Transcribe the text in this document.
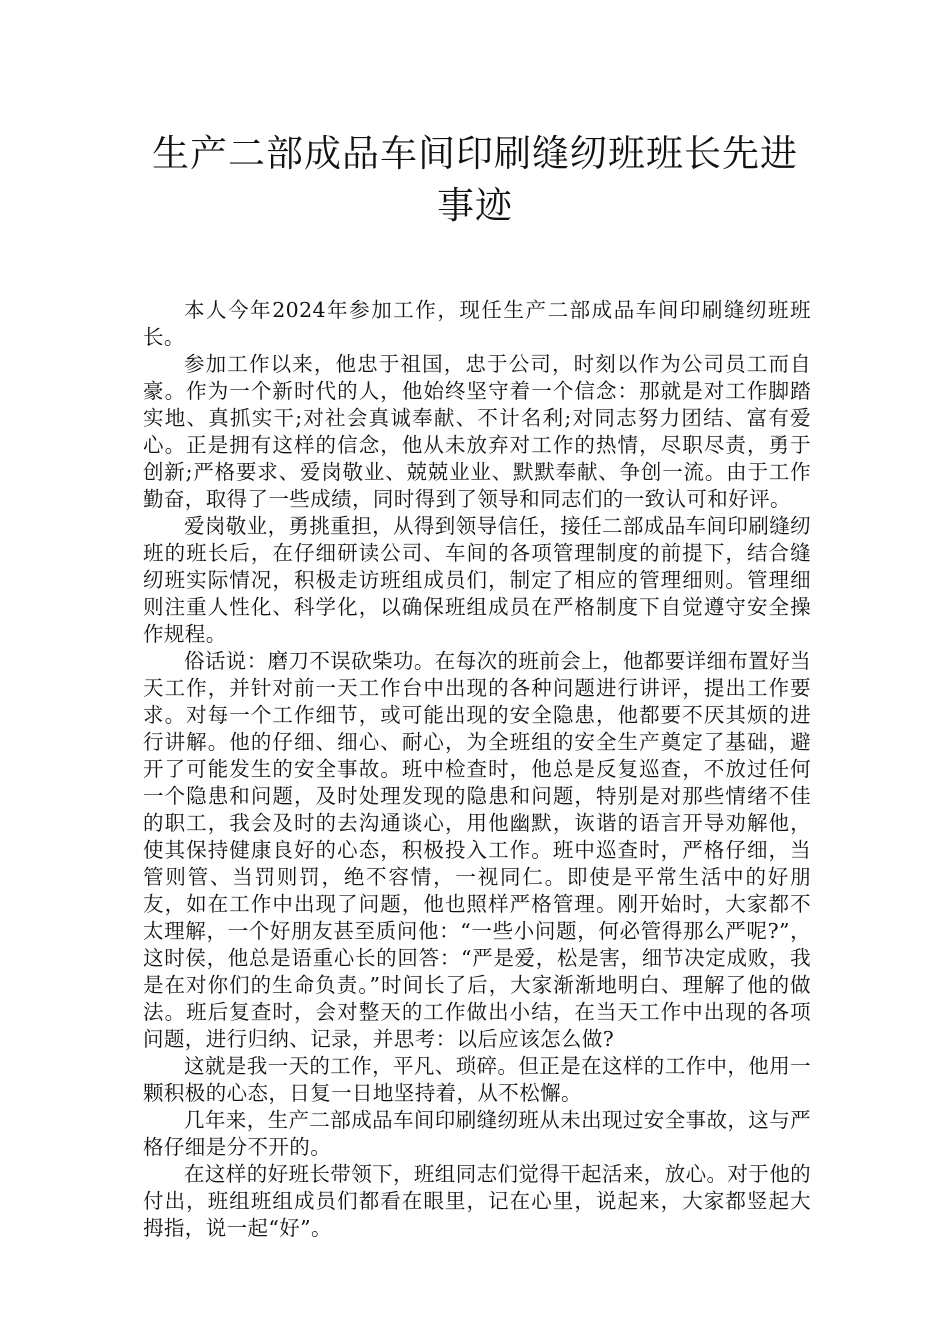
生产二部成品车间印刷缝纫班班长先进事迹

本人今年2024年参加工作，现任生产二部成品车间印刷缝纫班班长。

参加工作以来，他忠于祖国，忠于公司，时刻以作为公司员工而自豪。作为一个新时代的人，他始终坚守着一个信念：那就是对工作脚踏实地、真抓实干;对社会真诚奉献、不计名利;对同志努力团结、富有爱心。正是拥有这样的信念，他从未放弃对工作的热情，尽职尽责，勇于创新;严格要求、爱岗敬业、兢兢业业、默默奉献、争创一流。由于工作勤奋，取得了一些成绩，同时得到了领导和同志们的一致认可和好评。

爱岗敬业，勇挑重担，从得到领导信任，接任二部成品车间印刷缝纫班的班长后，在仔细研读公司、车间的各项管理制度的前提下，结合缝纫班实际情况，积极走访班组成员们，制定了相应的管理细则。管理细则注重人性化、科学化，以确保班组成员在严格制度下自觉遵守安全操作规程。

俗话说：磨刀不误砍柴功。在每次的班前会上，他都要详细布置好当天工作，并针对前一天工作台中出现的各种问题进行讲评，提出工作要求。对每一个工作细节，或可能出现的安全隐患，他都要不厌其烦的进行讲解。他的仔细、细心、耐心，为全班组的安全生产奠定了基础，避开了可能发生的安全事故。班中检查时，他总是反复巡查，不放过任何一个隐患和问题，及时处理发现的隐患和问题，特别是对那些情绪不佳的职工，我会及时的去沟通谈心，用他幽默，诙谐的语言开导劝解他，使其保持健康良好的心态，积极投入工作。班中巡查时，严格仔细，当管则管、当罚则罚，绝不容情，一视同仁。即使是平常生活中的好朋友，如在工作中出现了问题，他也照样严格管理。刚开始时，大家都不太理解，一个好朋友甚至质问他：“一些小问题，何必管得那么严呢?”，这时侯，他总是语重心长的回答：“严是爱，松是害，细节决定成败，我是在对你们的生命负责。”时间长了后，大家渐渐地明白、理解了他的做法。班后复查时，会对整天的工作做出小结，在当天工作中出现的各项问题，进行归纳、记录，并思考：以后应该怎么做?

这就是我一天的工作，平凡、琐碎。但正是在这样的工作中，他用一颗积极的心态，日复一日地坚持着，从不松懈。

几年来，生产二部成品车间印刷缝纫班从未出现过安全事故，这与严格仔细是分不开的。

在这样的好班长带领下，班组同志们觉得干起活来，放心。对于他的付出，班组班组成员们都看在眼里，记在心里，说起来，大家都竖起大拇指，说一起“好”。
